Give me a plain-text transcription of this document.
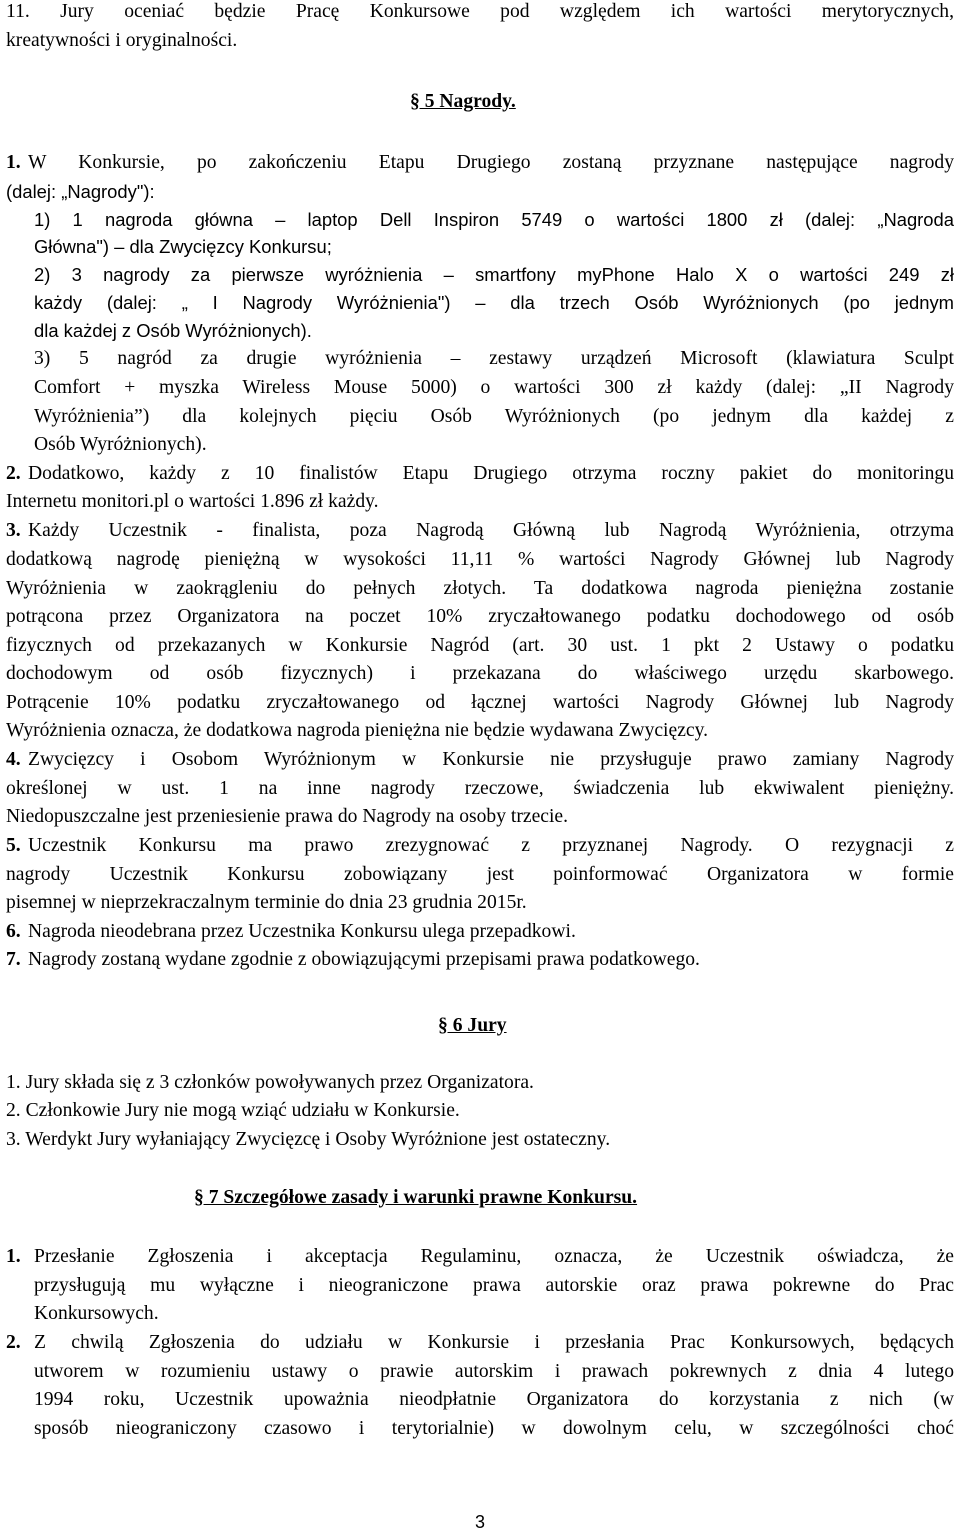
11. Jury oceniać będzie Pracę Konkursowe pod względem ich wartości merytorycznych,
kreatywności i oryginalności.
§ 5 Nagrody.
1. W Konkursie, po zakończeniu Etapu Drugiego zostaną przyznane następujące nagrody
(dalej: „Nagrody"):
1) 1 nagroda główna – laptop Dell Inspiron 5749 o wartości 1800 zł (dalej: „Nagroda
Główna") – dla Zwycięzcy Konkursu;
2) 3 nagrody za pierwsze wyróżnienia – smartfony myPhone Halo X o wartości 249 zł
każdy (dalej: „ I Nagrody Wyróżnienia") – dla trzech Osób Wyróżnionych (po jednym
dla każdej z Osób Wyróżnionych).
3) 5 nagród za drugie wyróżnienia – zestawy urządzeń Microsoft (klawiatura Sculpt
Comfort + myszka Wireless Mouse 5000) o wartości 300 zł każdy (dalej: „II Nagrody
Wyróżnienia”) dla kolejnych pięciu Osób Wyróżnionych (po jednym dla każdej z
Osób Wyróżnionych).
2. Dodatkowo, każdy z 10 finalistów Etapu Drugiego otrzyma roczny pakiet do monitoringu
Internetu monitori.pl o wartości 1.896 zł każdy.
3. Każdy Uczestnik - finalista, poza Nagrodą Główną lub Nagrodą Wyróżnienia, otrzyma
dodatkową nagrodę pieniężną w wysokości 11,11 % wartości Nagrody Głównej lub Nagrody
Wyróżnienia w zaokrągleniu do pełnych złotych. Ta dodatkowa nagroda pieniężna zostanie
potrącona przez Organizatora na poczet 10% zryczałtowanego podatku dochodowego od osób
fizycznych od przekazanych w Konkursie Nagród (art. 30 ust. 1 pkt 2 Ustawy o podatku
dochodowym od osób fizycznych) i przekazana do właściwego urzędu skarbowego.
Potrącenie 10% podatku zryczałtowanego od łącznej wartości Nagrody Głównej lub Nagrody
Wyróżnienia oznacza, że dodatkowa nagroda pieniężna nie będzie wydawana Zwycięzcy.
4. Zwycięzcy i Osobom Wyróżnionym w Konkursie nie przysługuje prawo zamiany Nagrody
określonej w ust. 1 na inne nagrody rzeczowe, świadczenia lub ekwiwalent pieniężny.
Niedopuszczalne jest przeniesienie prawa do Nagrody na osoby trzecie.
5. Uczestnik Konkursu ma prawo zrezygnować z przyznanej Nagrody. O rezygnacji z
nagrody Uczestnik Konkursu zobowiązany jest poinformować Organizatora w formie
pisemnej w nieprzekraczalnym terminie do dnia 23 grudnia 2015r.
6. Nagroda nieodebrana przez Uczestnika Konkursu ulega przepadkowi.
7. Nagrody zostaną wydane zgodnie z obowiązującymi przepisami prawa podatkowego.
§ 6 Jury
1. Jury składa się z 3 członków powoływanych przez Organizatora.
2. Członkowie Jury nie mogą wziąć udziału w Konkursie.
3. Werdykt Jury wyłaniający Zwycięzcę i Osoby Wyróżnione jest ostateczny.
§ 7 Szczegółowe zasady i warunki prawne Konkursu.
1. Przesłanie Zgłoszenia i akceptacja Regulaminu, oznacza, że Uczestnik oświadcza, że
przysługują mu wyłączne i nieograniczone prawa autorskie oraz prawa pokrewne do Prac
Konkursowych.
2. Z chwilą Zgłoszenia do udziału w Konkursie i przesłania Prac Konkursowych, będących
utworem w rozumieniu ustawy o prawie autorskim i prawach pokrewnych z dnia 4 lutego
1994 roku, Uczestnik upoważnia nieodpłatnie Organizatora do korzystania z nich (w
sposób nieograniczony czasowo i terytorialnie) w dowolnym celu, w szczególności choć
3
